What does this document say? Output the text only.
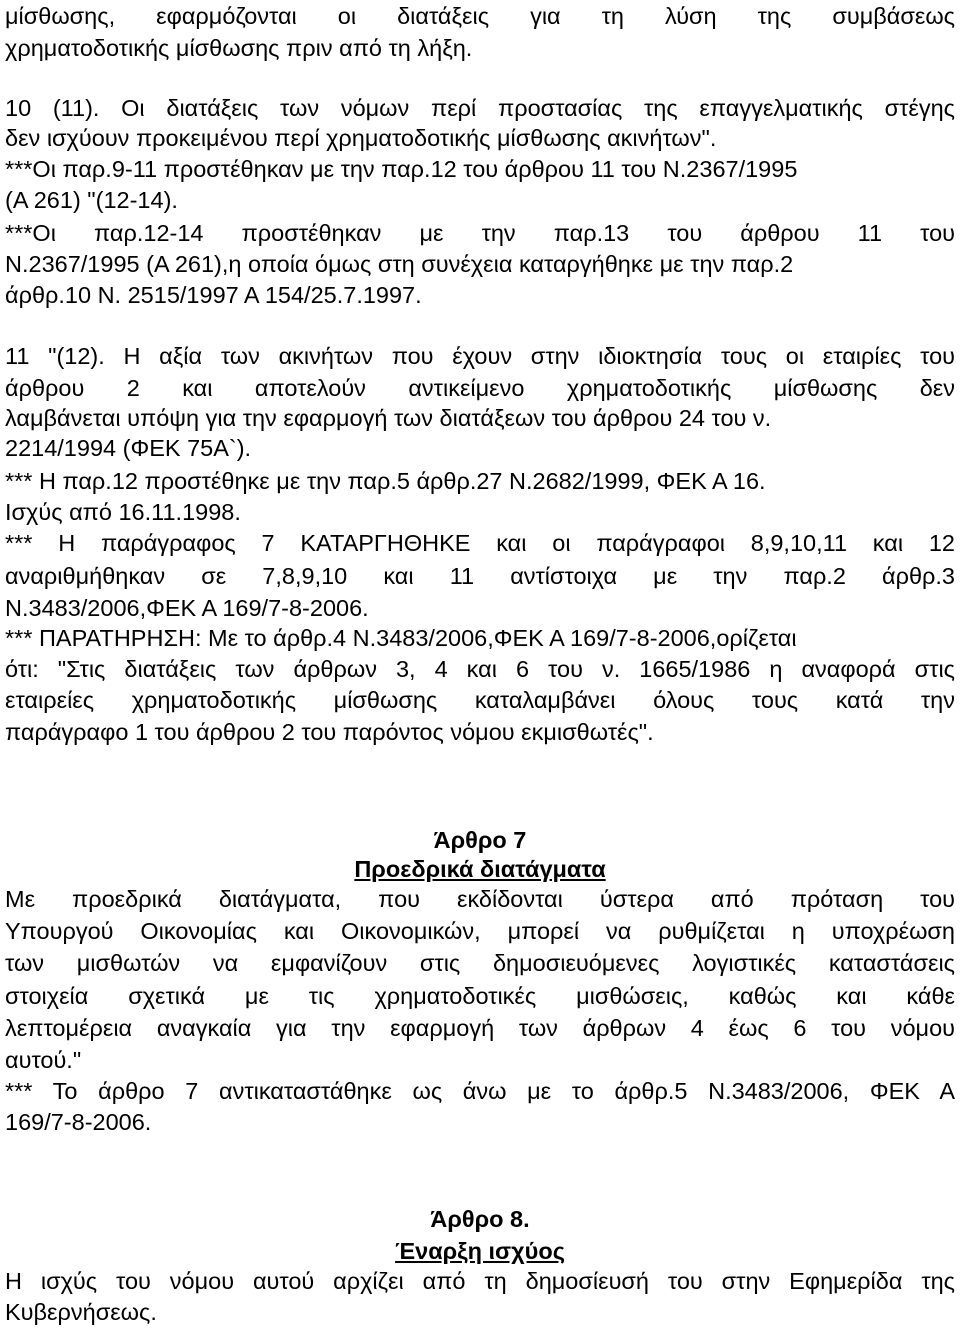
μίσθωσης, εφαρμόζονται οι διατάξεις για τη λύση της συμβάσεως
χρηματοδοτικής μίσθωσης πριν από τη λήξη.
10 (11). Οι διατάξεις των νόμων περί προστασίας της επαγγελματικής στέγης
δεν ισχύουν προκειμένου περί χρηματοδοτικής μίσθωσης ακινήτων".
***Οι παρ.9-11 προστέθηκαν με την παρ.12 του άρθρου 11 του Ν.2367/1995
(Α 261) "(12-14).
***Οι παρ.12-14 προστέθηκαν με την παρ.13 του άρθρου 11 του
Ν.2367/1995 (Α 261),η οποία όμως στη συνέχεια καταργήθηκε με την παρ.2
άρθρ.10 Ν. 2515/1997 Α 154/25.7.1997.
11 "(12). Η αξία των ακινήτων που έχουν στην ιδιοκτησία τους οι εταιρίες του
άρθρου 2 και αποτελούν αντικείμενο χρηματοδοτικής μίσθωσης δεν
λαμβάνεται υπόψη για την εφαρμογή των διατάξεων του άρθρου 24 του ν.
2214/1994 (ΦΕΚ 75Α`).
*** Η παρ.12 προστέθηκε με την παρ.5 άρθρ.27 Ν.2682/1999, ΦΕΚ Α 16.
Ισχύς από 16.11.1998.
*** Η παράγραφος 7 ΚΑΤΑΡΓΗΘΗΚΕ και οι παράγραφοι 8,9,10,11 και 12
αναριθμήθηκαν σε 7,8,9,10 και 11 αντίστοιχα με την παρ.2 άρθρ.3
Ν.3483/2006,ΦΕΚ Α 169/7-8-2006.
*** ΠΑΡΑΤΗΡΗΣΗ: Με το άρθρ.4 Ν.3483/2006,ΦΕΚ Α 169/7-8-2006,ορίζεται
ότι: "Στις διατάξεις των άρθρων 3, 4 και 6 του ν. 1665/1986 η αναφορά στις
εταιρείες χρηματοδοτικής μίσθωσης καταλαμβάνει όλους τους κατά την
παράγραφο 1 του άρθρου 2 του παρόντος νόμου εκμισθωτές".
Άρθρο 7
Προεδρικά διατάγματα
Με προεδρικά διατάγματα, που εκδίδονται ύστερα από πρόταση του
Υπουργού Οικονομίας και Οικονομικών, μπορεί να ρυθμίζεται η υποχρέωση
των μισθωτών να εμφανίζουν στις δημοσιευόμενες λογιστικές καταστάσεις
στοιχεία σχετικά με τις χρηματοδοτικές μισθώσεις, καθώς και κάθε
λεπτομέρεια αναγκαία για την εφαρμογή των άρθρων 4 έως 6 του νόμου
αυτού."
*** Το άρθρο 7 αντικαταστάθηκε ως άνω με το άρθρ.5 Ν.3483/2006, ΦΕΚ Α
169/7-8-2006.
Άρθρο 8.
Έναρξη ισχύος
Η ισχύς του νόμου αυτού αρχίζει από τη δημοσίευσή του στην Εφημερίδα της
Κυβερνήσεως.
